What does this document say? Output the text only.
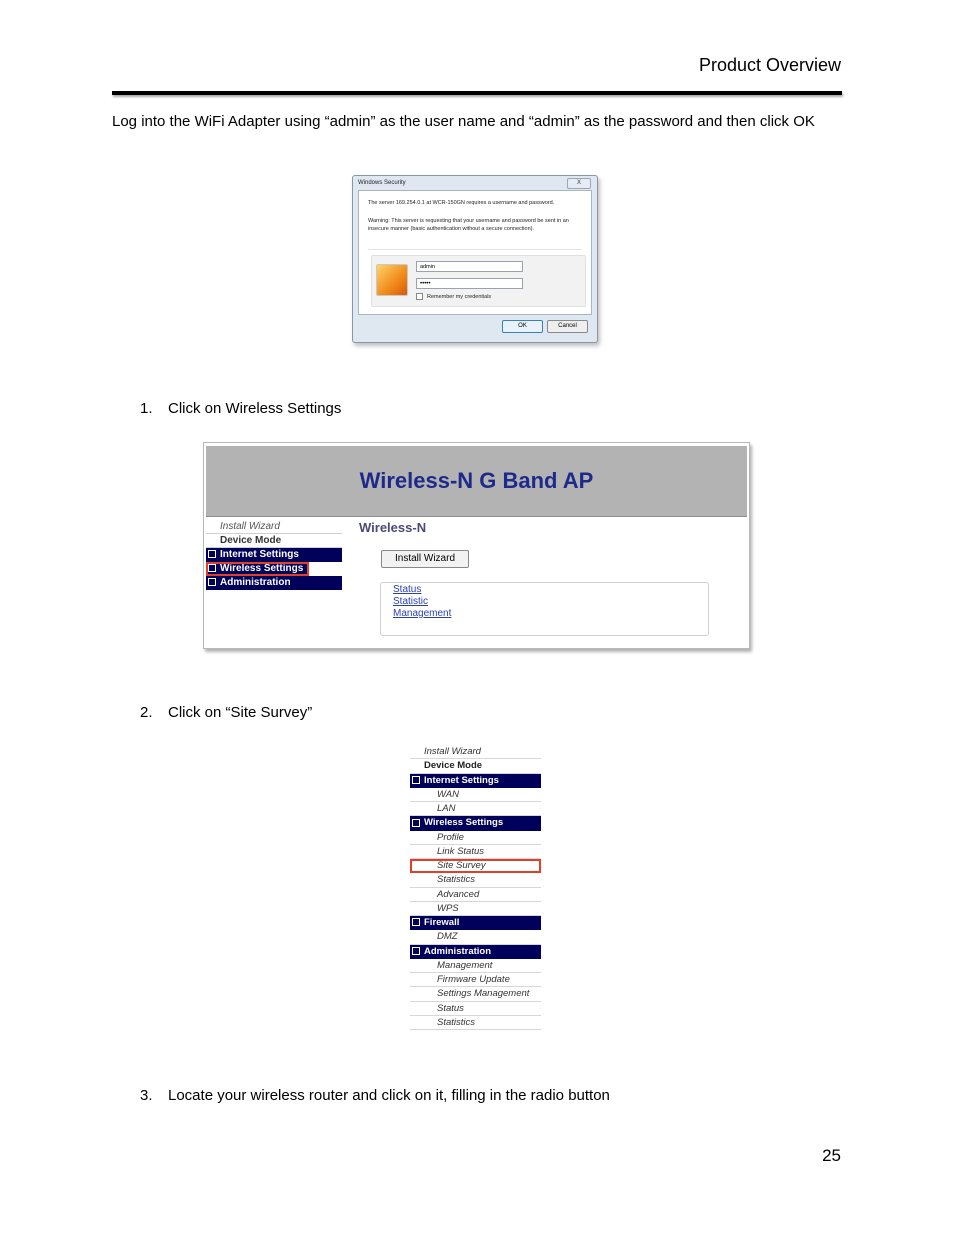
Product Overview
Log into the WiFi Adapter using “admin” as the user name and “admin” as the password and then click OK
Windows Security	X
The server 169.254.0.1 at WCR-150GN requires a username and password.
Warning: This server is requesting that your username and password be sent in an insecure manner (basic authentication without a secure connection).
admin
•••••
Remember my credentials
OK	Cancel
1. Click on Wireless Settings
Wireless-N G Band AP
Install Wizard
Device Mode
Internet Settings
Wireless Settings
Administration
Wireless-N
Install Wizard
Status
Statistic
Management
2. Click on “Site Survey”
Install Wizard
Device Mode
Internet Settings
WAN
LAN
Wireless Settings
Profile
Link Status
Site Survey
Statistics
Advanced
WPS
Firewall
DMZ
Administration
Management
Firmware Update
Settings Management
Status
Statistics
3. Locate your wireless router and click on it, filling in the radio button
25
